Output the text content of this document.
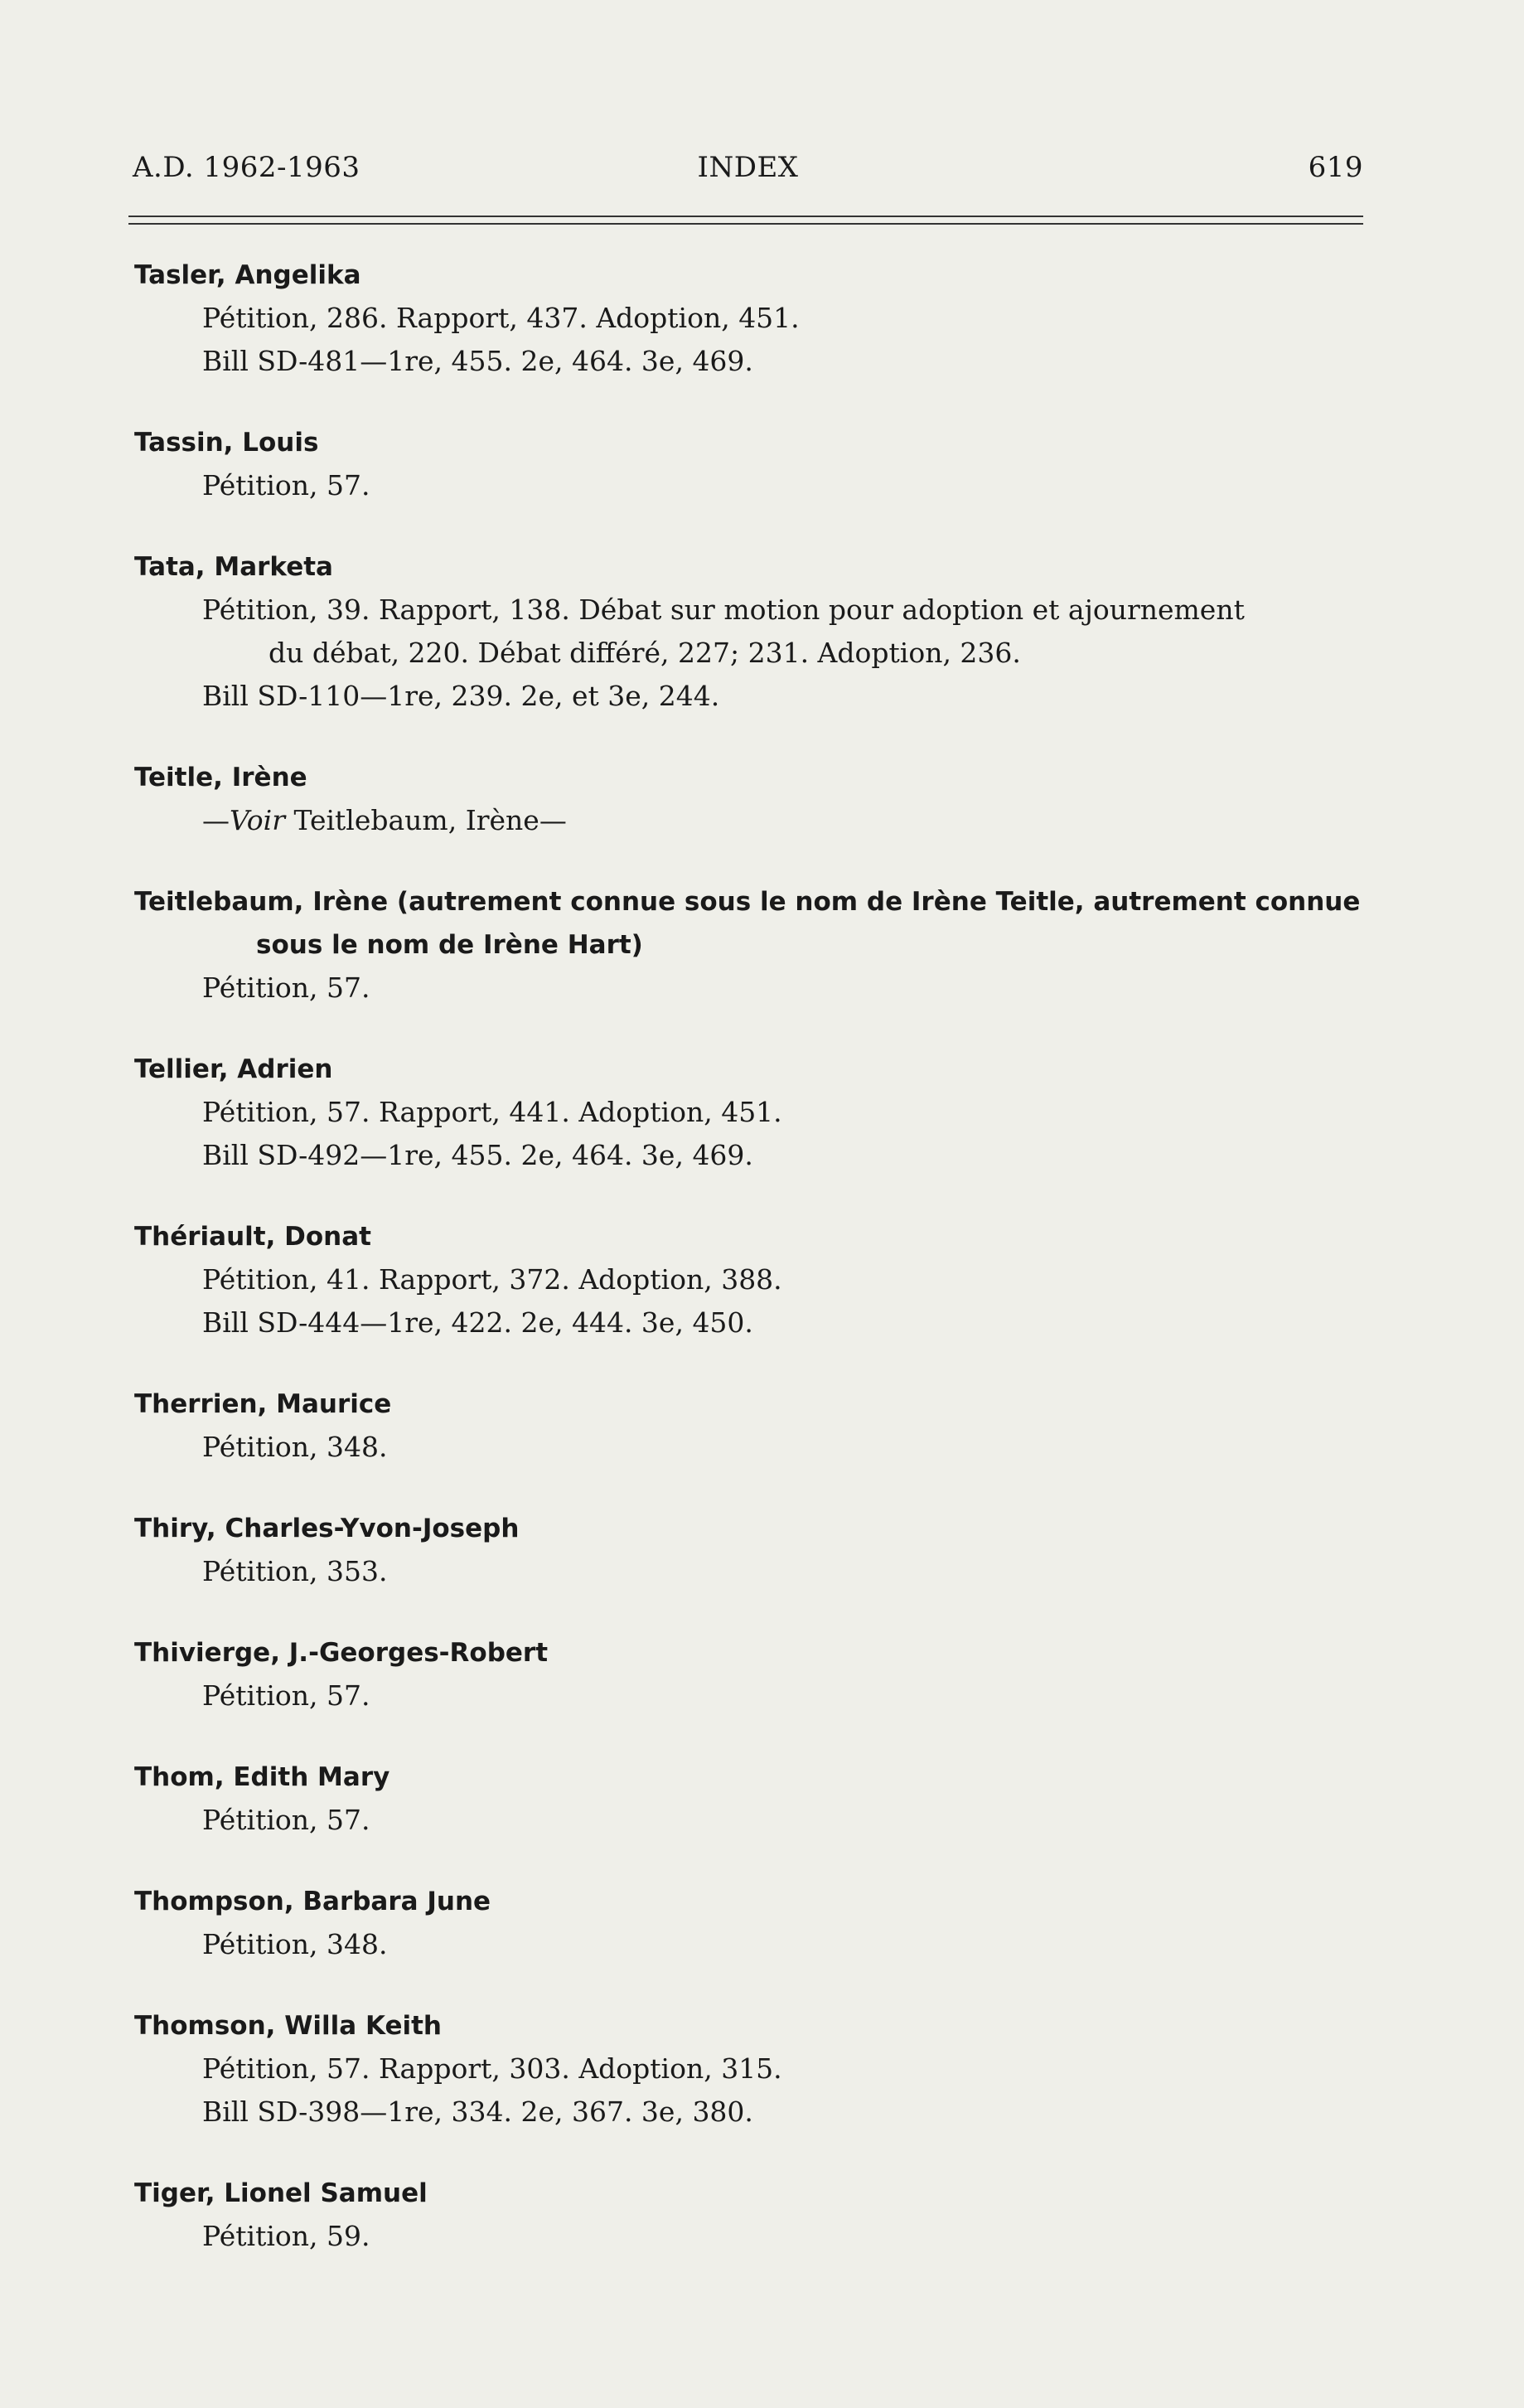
A.D. 1962-1963	INDEX	619
Tasler, Angelika
Pétition, 286. Rapport, 437. Adoption, 451.
Bill SD-481—1re, 455. 2e, 464. 3e, 469.
Tassin, Louis
Pétition, 57.
Tata, Marketa
Pétition, 39. Rapport, 138. Débat sur motion pour adoption et ajournement
du débat, 220. Débat différé, 227; 231. Adoption, 236.
Bill SD-110—1re, 239. 2e, et 3e, 244.
Teitle, Irène
—Voir Teitlebaum, Irène—
Teitlebaum, Irène (autrement connue sous le nom de Irène Teitle, autrement connue
sous le nom de Irène Hart)
Pétition, 57.
Tellier, Adrien
Pétition, 57. Rapport, 441. Adoption, 451.
Bill SD-492—1re, 455. 2e, 464. 3e, 469.
Thériault, Donat
Pétition, 41. Rapport, 372. Adoption, 388.
Bill SD-444—1re, 422. 2e, 444. 3e, 450.
Therrien, Maurice
Pétition, 348.
Thiry, Charles-Yvon-Joseph
Pétition, 353.
Thivierge, J.-Georges-Robert
Pétition, 57.
Thom, Edith Mary
Pétition, 57.
Thompson, Barbara June
Pétition, 348.
Thomson, Willa Keith
Pétition, 57. Rapport, 303. Adoption, 315.
Bill SD-398—1re, 334. 2e, 367. 3e, 380.
Tiger, Lionel Samuel
Pétition, 59.
